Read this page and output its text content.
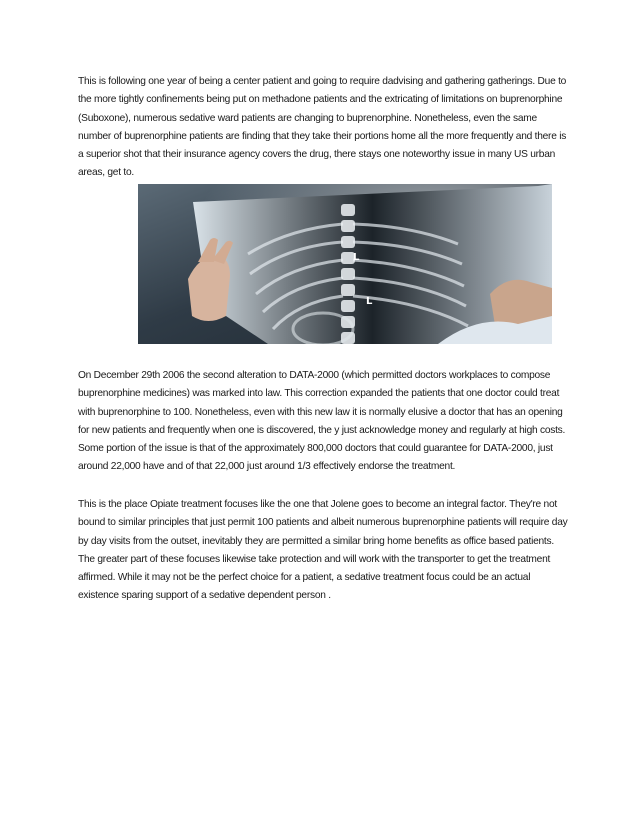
This is following one year of being a center patient and going to require dadvising and gathering gatherings. Due to the more tightly confinements being put on methadone patients and the extricating of limitations on buprenorphine (Suboxone), numerous sedative ward patients are changing to buprenorphine. Nonetheless, even the same number of buprenorphine patients are finding that they take their portions home all the more frequently and there is a superior shot that their insurance agency covers the drug, there stays one noteworthy issue in many US urban areas, get to.

L
L

On December 29th 2006 the second alteration to DATA-2000 (which permitted doctors workplaces to compose buprenorphine medicines) was marked into law. This correction expanded the patients that one doctor could treat with buprenorphine to 100. Nonetheless, even with this new law it is normally elusive a doctor that has an opening for new patients and frequently when one is discovered, the y just acknowledge money and regularly at high costs. Some portion of the issue is that of the approximately 800,000 doctors that could guarantee for DATA-2000, just around 22,000 have and of that 22,000 just around 1/3 effectively endorse the treatment.

This is the place Opiate treatment focuses like the one that Jolene goes to become an integral factor. They're not bound to similar principles that just permit 100 patients and albeit numerous buprenorphine patients will require day by day visits from the outset, inevitably they are permitted a similar bring home benefits as office based patients. The greater part of these focuses likewise take protection and will work with the transporter to get the treatment affirmed. While it may not be the perfect choice for a patient, a sedative treatment focus could be an actual existence sparing support of a sedative dependent person .
